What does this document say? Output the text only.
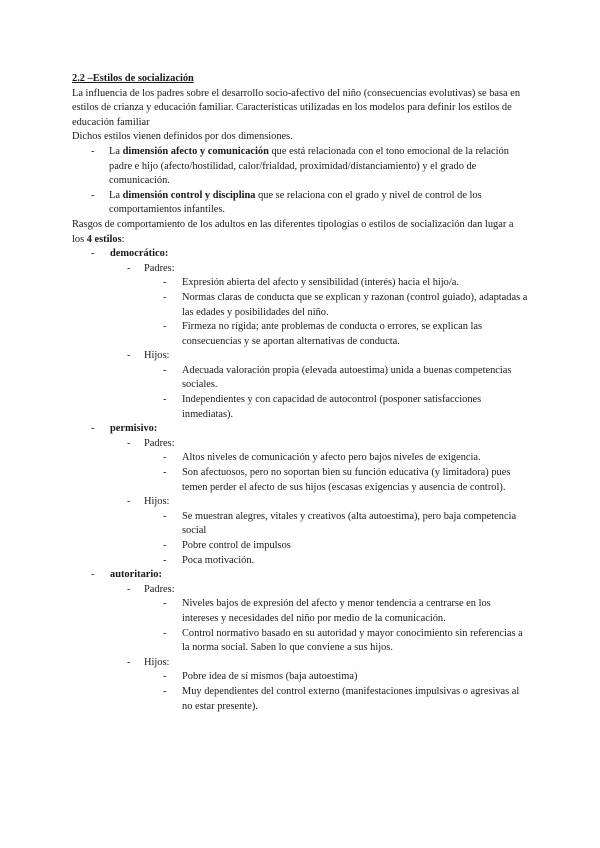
2.2 –Estilos de socialización

La influencia de los padres sobre el desarrollo socio-afectivo del niño (consecuencias evolutivas) se basa en estilos de crianza y educación familiar. Características utilizadas en los modelos para definir los estilos de educación familiar

Dichos estilos vienen definidos por dos dimensiones.

- La dimensión afecto y comunicación que está relacionada con el tono emocional de la relación padre e hijo (afecto/hostilidad, calor/frialdad, proximidad/distanciamiento) y el grado de comunicación.
- La dimensión control y disciplina que se relaciona con el grado y nivel de control de los comportamientos infantiles.

Rasgos de comportamiento de los adultos en las diferentes tipologías o estilos de socialización dan lugar a los 4 estilos:

- democrático:
- Padres:
- Expresión abierta del afecto y sensibilidad (interés) hacia el hijo/a.
- Normas claras de conducta que se explican y razonan (control guiado), adaptadas a las edades y posibilidades del niño.
- Firmeza no rígida; ante problemas de conducta o errores, se explican las consecuencias y se aportan alternativas de conducta.
- Hijos:
- Adecuada valoración propia (elevada autoestima) unida a buenas competencias sociales.
- Independientes y con capacidad de autocontrol (posponer satisfacciones inmediatas).
- permisivo:
- Padres:
- Altos niveles de comunicación y afecto pero bajos niveles de exigencia.
- Son afectuosos, pero no soportan bien su función educativa (y limitadora) pues temen perder el afecto de sus hijos (escasas exigencias y ausencia de control).
- Hijos:
- Se muestran alegres, vitales y creativos (alta autoestima), pero baja competencia social
- Pobre control de impulsos
- Poca motivación.
- autoritario:
- Padres:
- Niveles bajos de expresión del afecto y menor tendencia a centrarse en los intereses y necesidades del niño por medio de la comunicación.
- Control normativo basado en su autoridad y mayor conocimiento sin referencias a la norma social. Saben lo que conviene a sus hijos.
- Hijos:
- Pobre idea de sí mismos (baja autoestima)
- Muy dependientes del control externo (manifestaciones impulsivas o agresivas al no estar presente).
